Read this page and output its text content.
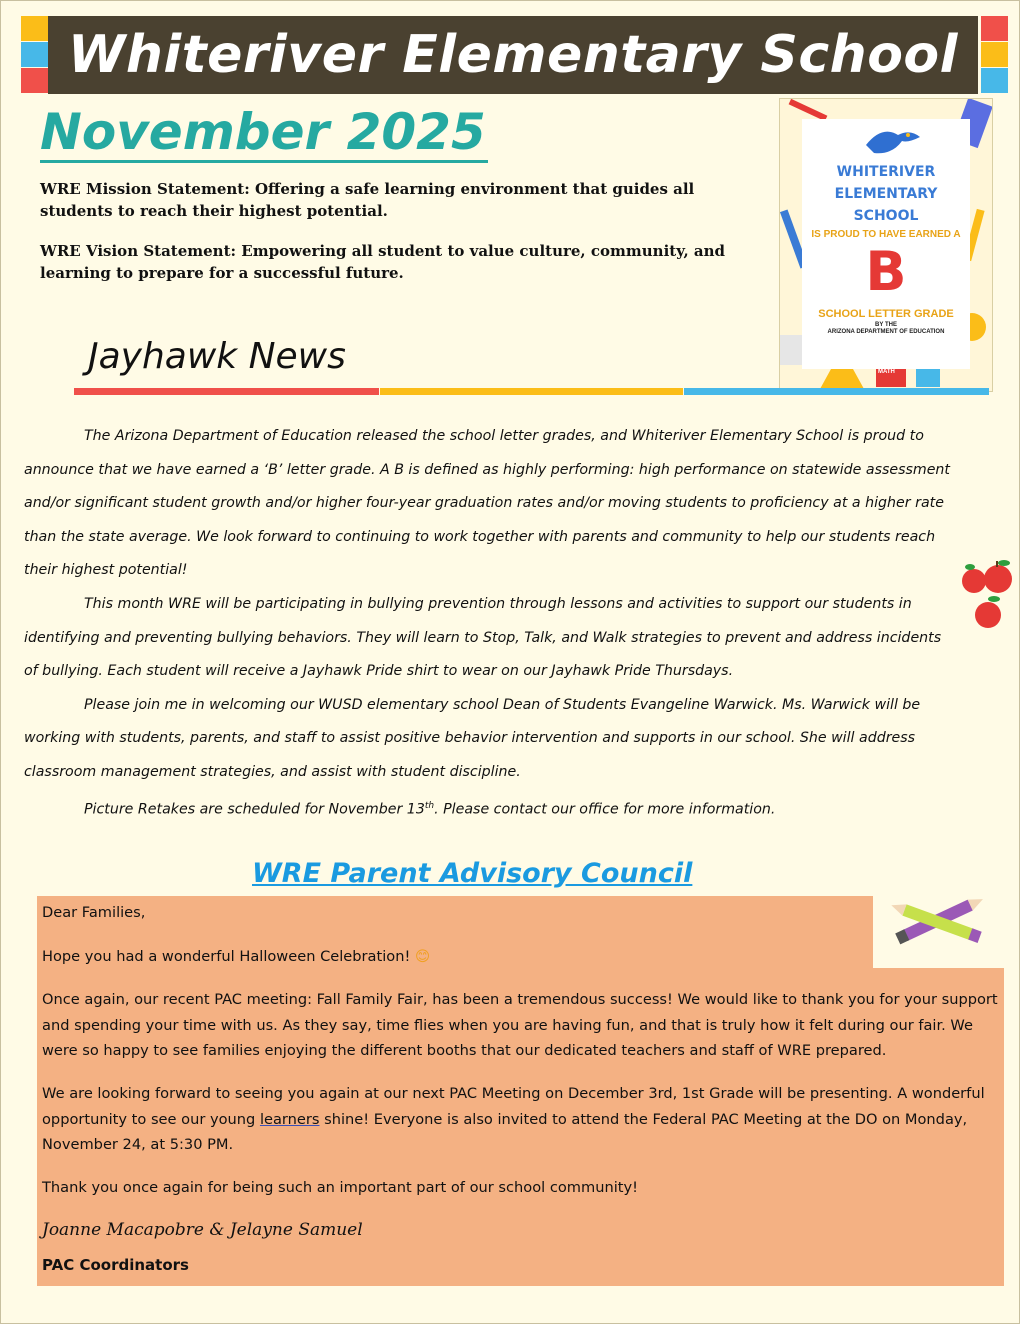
Whiteriver Elementary School
November 2025
WRE Mission Statement: Offering a safe learning environment that guides all students to reach their highest potential.
WRE Vision Statement: Empowering all student to value culture, community, and learning to prepare for a successful future.
WHITERIVER
ELEMENTARY SCHOOL
IS PROUD TO HAVE EARNED A
B
SCHOOL LETTER GRADE
BY THE
ARIZONA DEPARTMENT OF EDUCATION
MATH
Jayhawk News

The Arizona Department of Education released the school letter grades, and Whiteriver Elementary School is proud to announce that we have earned a ‘B’ letter grade. A B is defined as highly performing: high performance on statewide assessment and/or significant student growth and/or higher four-year graduation rates and/or moving students to proficiency at a higher rate than the state average. We look forward to continuing to work together with parents and community to help our students reach their highest potential!

This month WRE will be participating in bullying prevention through lessons and activities to support our students in identifying and preventing bullying behaviors. They will learn to Stop, Talk, and Walk strategies to prevent and address incidents of bullying. Each student will receive a Jayhawk Pride shirt to wear on our Jayhawk Pride Thursdays.

Please join me in welcoming our WUSD elementary school Dean of Students Evangeline Warwick. Ms. Warwick will be working with students, parents, and staff to assist positive behavior intervention and supports in our school. She will address classroom management strategies, and assist with student discipline.

Picture Retakes are scheduled for November 13th. Please contact our office for more information.

WRE Parent Advisory Council
Dear Families,
Hope you had a wonderful Halloween Celebration! 😊
Once again, our recent PAC meeting: Fall Family Fair, has been a tremendous success! We would like to thank you for your support and spending your time with us. As they say, time flies when you are having fun, and that is truly how it felt during our fair. We were so happy to see families enjoying the different booths that our dedicated teachers and staff of WRE prepared.
We are looking forward to seeing you again at our next PAC Meeting on December 3rd, 1st Grade will be presenting. A wonderful opportunity to see our young learners shine! Everyone is also invited to attend the Federal PAC Meeting at the DO on Monday, November 24, at 5:30 PM.
Thank you once again for being such an important part of our school community!
Joanne Macapobre & Jelayne Samuel
PAC Coordinators
